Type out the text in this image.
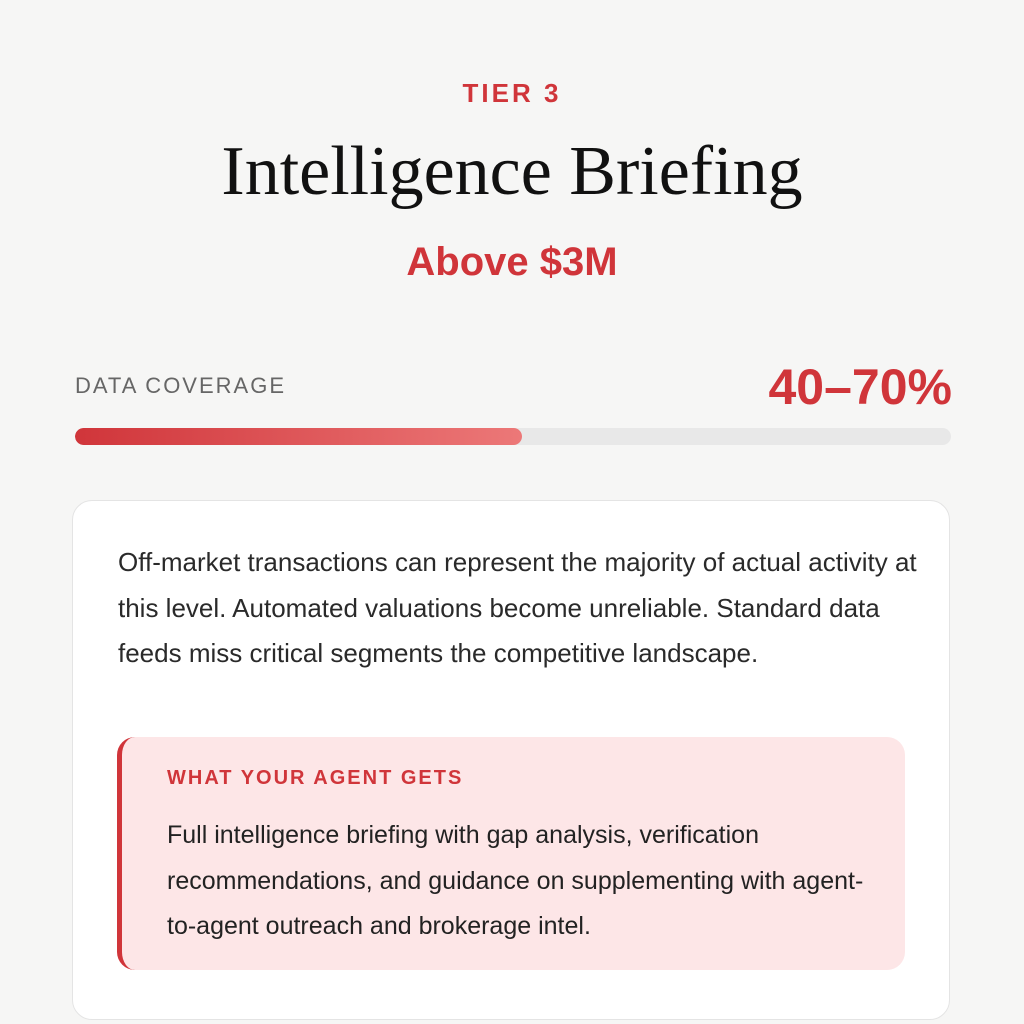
TIER 3
Intelligence Briefing
Above $3M
DATA COVERAGE	40–70%

Off-market transactions can represent the majority of actual activity at this level. Automated valuations become unreliable. Standard data feeds miss critical segments the competitive landscape.

WHAT YOUR AGENT GETS

Full intelligence briefing with gap analysis, verification recommendations, and guidance on supplementing with agent-to-agent outreach and brokerage intel.
